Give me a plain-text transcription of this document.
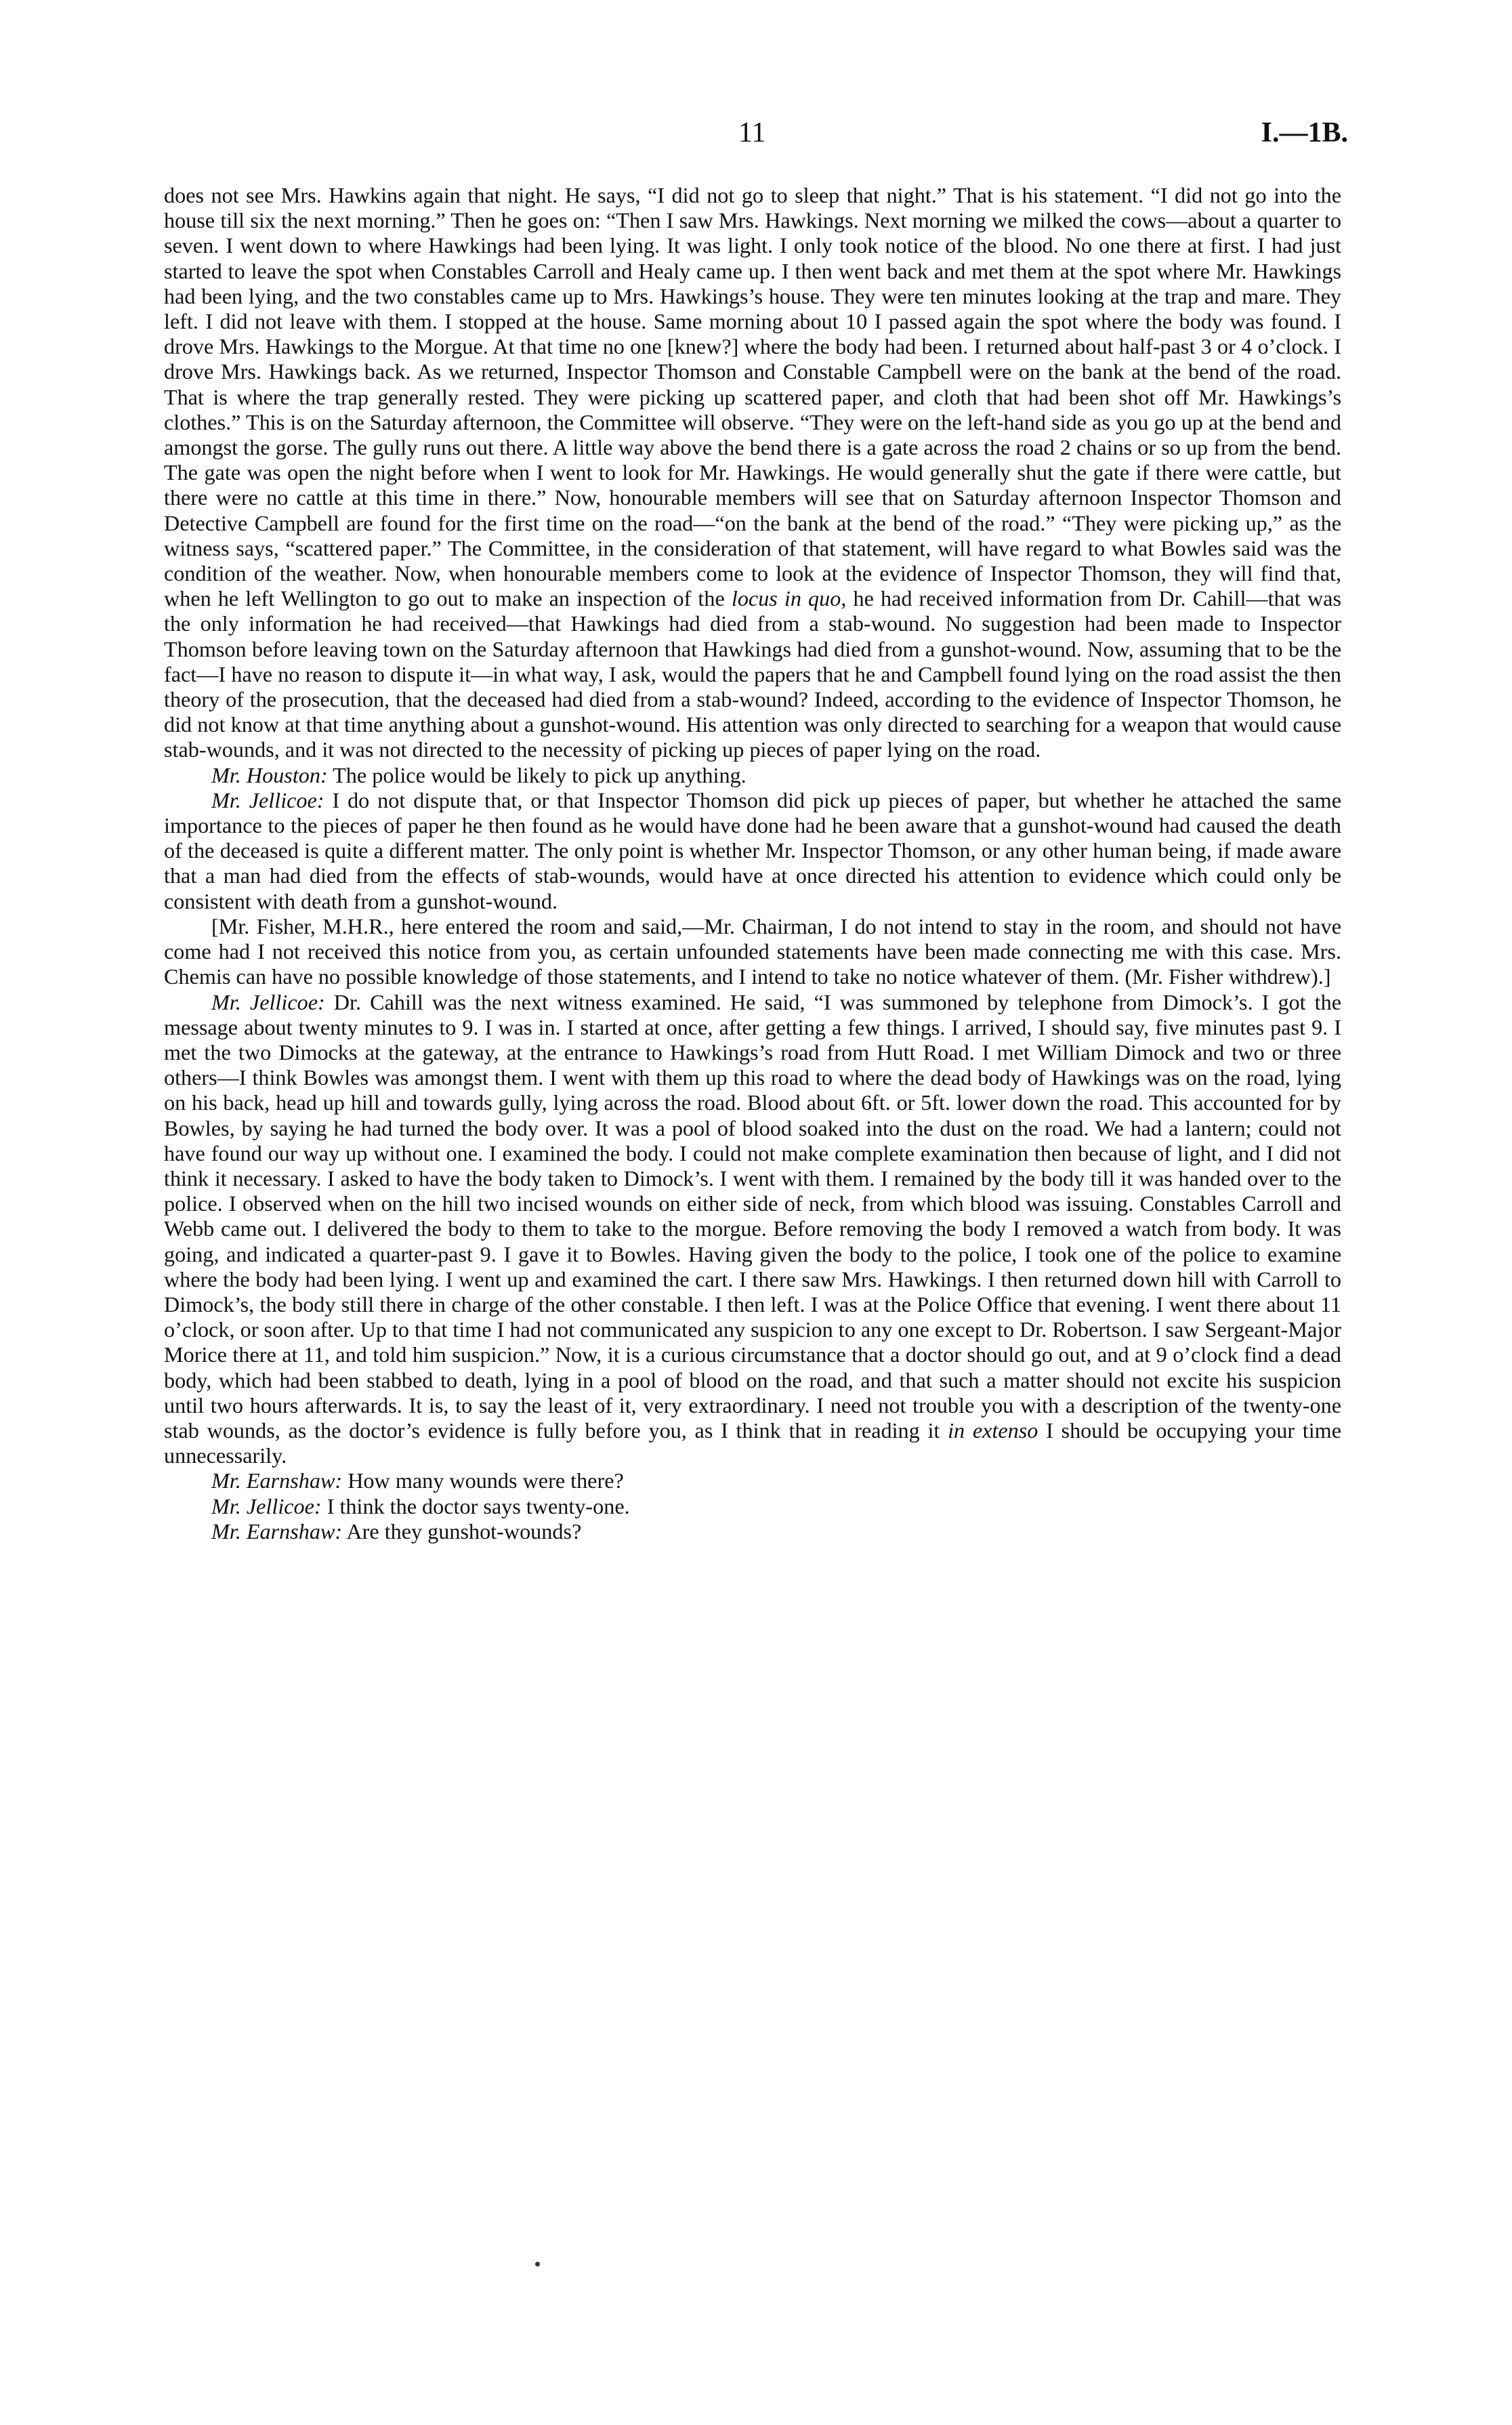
11	I.—1B.

does not see Mrs. Hawkins again that night. He says, “I did not go to sleep that night.” That is his statement. “I did not go into the house till six the next morning.” Then he goes on: “Then I saw Mrs. Hawkings. Next morning we milked the cows—about a quarter to seven. I went down to where Hawkings had been lying. It was light. I only took notice of the blood. No one there at first. I had just started to leave the spot when Constables Carroll and Healy came up. I then went back and met them at the spot where Mr. Hawkings had been lying, and the two constables came up to Mrs. Hawkings’s house. They were ten minutes looking at the trap and mare. They left. I did not leave with them. I stopped at the house. Same morning about 10 I passed again the spot where the body was found. I drove Mrs. Hawkings to the Morgue. At that time no one [knew?] where the body had been. I returned about half-past 3 or 4 o’clock. I drove Mrs. Hawkings back. As we returned, Inspector Thomson and Constable Campbell were on the bank at the bend of the road. That is where the trap generally rested. They were picking up scattered paper, and cloth that had been shot off Mr. Hawkings’s clothes.” This is on the Saturday afternoon, the Committee will observe. “They were on the left-hand side as you go up at the bend and amongst the gorse. The gully runs out there. A little way above the bend there is a gate across the road 2 chains or so up from the bend. The gate was open the night before when I went to look for Mr. Hawkings. He would generally shut the gate if there were cattle, but there were no cattle at this time in there.” Now, honourable members will see that on Saturday afternoon Inspector Thomson and Detective Campbell are found for the first time on the road—“on the bank at the bend of the road.” “They were picking up,” as the witness says, “scattered paper.” The Committee, in the consideration of that statement, will have regard to what Bowles said was the condition of the weather. Now, when honourable members come to look at the evidence of Inspector Thomson, they will find that, when he left Wellington to go out to make an inspection of the locus in quo, he had received information from Dr. Cahill—that was the only information he had received—that Hawkings had died from a stab-wound. No suggestion had been made to Inspector Thomson before leaving town on the Saturday afternoon that Hawkings had died from a gunshot-wound. Now, assuming that to be the fact—I have no reason to dispute it—in what way, I ask, would the papers that he and Campbell found lying on the road assist the then theory of the prosecution, that the deceased had died from a stab-wound? Indeed, according to the evidence of Inspector Thomson, he did not know at that time anything about a gunshot-wound. His attention was only directed to searching for a weapon that would cause stab-wounds, and it was not directed to the necessity of picking up pieces of paper lying on the road.

Mr. Houston: The police would be likely to pick up anything.

Mr. Jellicoe: I do not dispute that, or that Inspector Thomson did pick up pieces of paper, but whether he attached the same importance to the pieces of paper he then found as he would have done had he been aware that a gunshot-wound had caused the death of the deceased is quite a different matter. The only point is whether Mr. Inspector Thomson, or any other human being, if made aware that a man had died from the effects of stab-wounds, would have at once directed his attention to evidence which could only be consistent with death from a gunshot-wound.

[Mr. Fisher, M.H.R., here entered the room and said,—Mr. Chairman, I do not intend to stay in the room, and should not have come had I not received this notice from you, as certain unfounded statements have been made connecting me with this case. Mrs. Chemis can have no possible knowledge of those statements, and I intend to take no notice whatever of them. (Mr. Fisher withdrew).]

Mr. Jellicoe: Dr. Cahill was the next witness examined. He said, “I was summoned by telephone from Dimock’s. I got the message about twenty minutes to 9. I was in. I started at once, after getting a few things. I arrived, I should say, five minutes past 9. I met the two Dimocks at the gateway, at the entrance to Hawkings’s road from Hutt Road. I met William Dimock and two or three others—I think Bowles was amongst them. I went with them up this road to where the dead body of Hawkings was on the road, lying on his back, head up hill and towards gully, lying across the road. Blood about 6ft. or 5ft. lower down the road. This accounted for by Bowles, by saying he had turned the body over. It was a pool of blood soaked into the dust on the road. We had a lantern; could not have found our way up without one. I examined the body. I could not make complete examination then because of light, and I did not think it necessary. I asked to have the body taken to Dimock’s. I went with them. I remained by the body till it was handed over to the police. I observed when on the hill two incised wounds on either side of neck, from which blood was issuing. Constables Carroll and Webb came out. I delivered the body to them to take to the morgue. Before removing the body I removed a watch from body. It was going, and indicated a quarter-past 9. I gave it to Bowles. Having given the body to the police, I took one of the police to examine where the body had been lying. I went up and examined the cart. I there saw Mrs. Hawkings. I then returned down hill with Carroll to Dimock’s, the body still there in charge of the other constable. I then left. I was at the Police Office that evening. I went there about 11 o’clock, or soon after. Up to that time I had not communicated any suspicion to any one except to Dr. Robertson. I saw Sergeant-Major Morice there at 11, and told him suspicion.” Now, it is a curious circumstance that a doctor should go out, and at 9 o’clock find a dead body, which had been stabbed to death, lying in a pool of blood on the road, and that such a matter should not excite his suspicion until two hours afterwards. It is, to say the least of it, very extraordinary. I need not trouble you with a description of the twenty-one stab wounds, as the doctor’s evidence is fully before you, as I think that in reading it in extenso I should be occupying your time unnecessarily.

Mr. Earnshaw: How many wounds were there?

Mr. Jellicoe: I think the doctor says twenty-one.

Mr. Earnshaw: Are they gunshot-wounds?
